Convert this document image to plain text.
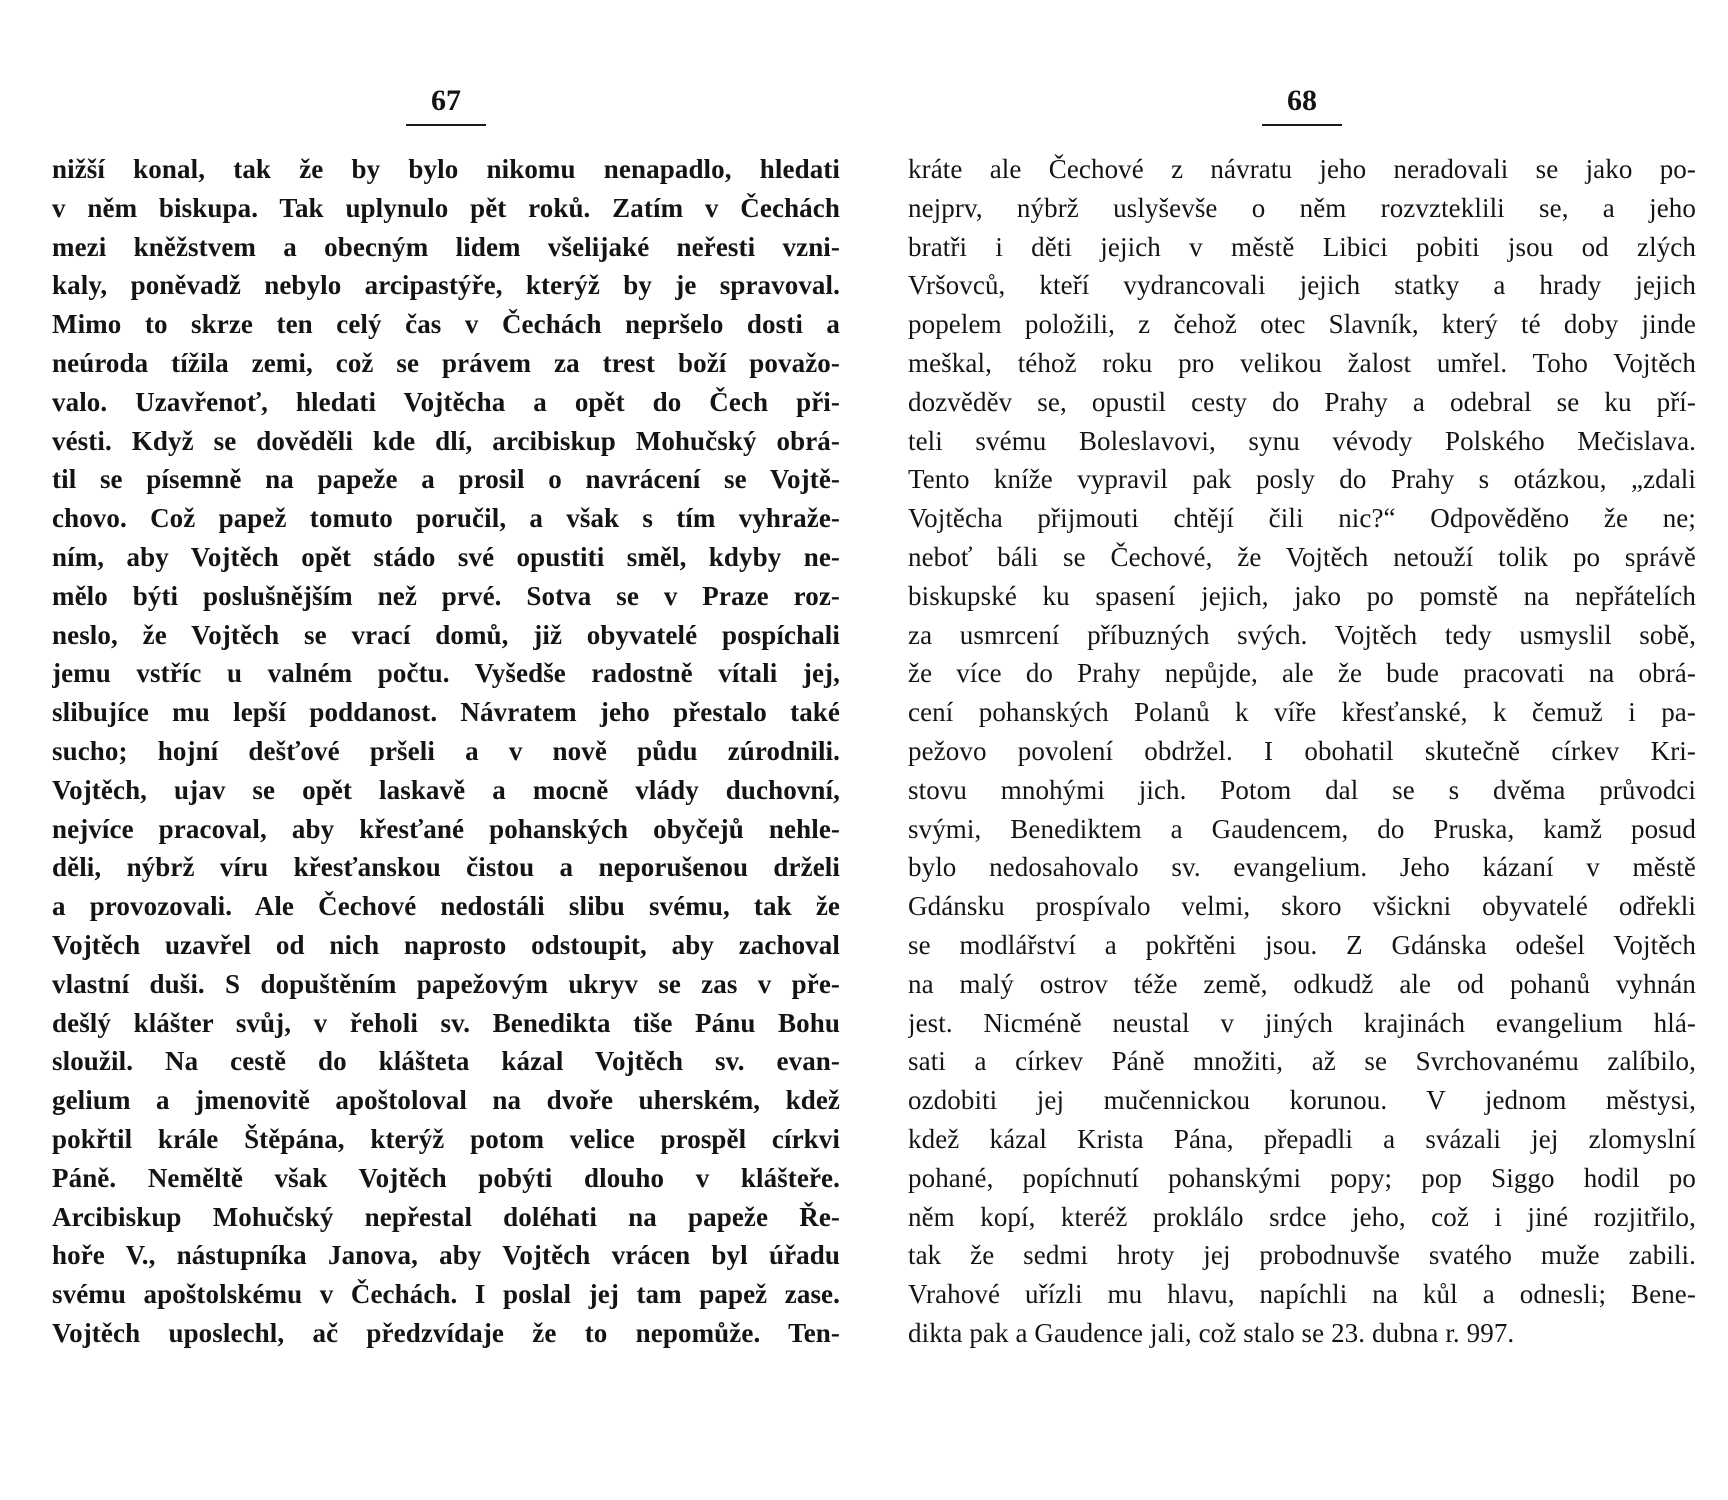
67
nižší konal, tak že by bylo nikomu nenapadlo, hledati
v něm biskupa. Tak uplynulo pět roků. Zatím v Čechách
mezi kněžstvem a obecným lidem všelijaké neřesti vzni-
kaly, poněvadž nebylo arcipastýře, kterýž by je spravoval.
Mimo to skrze ten celý čas v Čechách nepršelo dosti a
neúroda tížila zemi, což se právem za trest boží považo-
valo. Uzavřenoť, hledati Vojtěcha a opět do Čech při-
vésti. Když se dověděli kde dlí, arcibiskup Mohučský obrá-
til se písemně na papeže a prosil o navrácení se Vojtě-
chovo. Což papež tomuto poručil, a však s tím vyhraže-
ním, aby Vojtěch opět stádo své opustiti směl, kdyby ne-
mělo býti poslušnějším než prvé. Sotva se v Praze roz-
neslo, že Vojtěch se vrací domů, již obyvatelé pospíchali
jemu vstříc u valném počtu. Vyšedše radostně vítali jej,
slibujíce mu lepší poddanost. Návratem jeho přestalo také
sucho; hojní dešťové pršeli a v nově půdu zúrodnili.
Vojtěch, ujav se opět laskavě a mocně vlády duchovní,
nejvíce pracoval, aby křesťané pohanských obyčejů nehle-
děli, nýbrž víru křesťanskou čistou a neporušenou drželi
a provozovali. Ale Čechové nedostáli slibu svému, tak že
Vojtěch uzavřel od nich naprosto odstoupit, aby zachoval
vlastní duši. S dopuštěním papežovým ukryv se zas v pře-
dešlý klášter svůj, v řeholi sv. Benedikta tiše Pánu Bohu
sloužil. Na cestě do klášteta kázal Vojtěch sv. evan-
gelium a jmenovitě apoštoloval na dvoře uherském, kdež
pokřtil krále Štěpána, kterýž potom velice prospěl církvi
Páně. Neměltě však Vojtěch pobýti dlouho v klášteře.
Arcibiskup Mohučský nepřestal doléhati na papeže Ře-
hoře V., nástupníka Janova, aby Vojtěch vrácen byl úřadu
svému apoštolskému v Čechách. I poslal jej tam papež zase.
Vojtěch uposlechl, ač předzvídaje že to nepomůže. Ten-
68
kráte ale Čechové z návratu jeho neradovali se jako po-
nejprv, nýbrž uslyševše o něm rozvzteklili se, a jeho
bratři i děti jejich v městě Libici pobiti jsou od zlých
Vršovců, kteří vydrancovali jejich statky a hrady jejich
popelem položili, z čehož otec Slavník, který té doby jinde
meškal, téhož roku pro velikou žalost umřel. Toho Vojtěch
dozvěděv se, opustil cesty do Prahy a odebral se ku pří-
teli svému Boleslavovi, synu vévody Polského Mečislava.
Tento kníže vypravil pak posly do Prahy s otázkou, „zdali
Vojtěcha přijmouti chtějí čili nic?“ Odpověděno že ne;
neboť báli se Čechové, že Vojtěch netouží tolik po správě
biskupské ku spasení jejich, jako po pomstě na nepřátelích
za usmrcení příbuzných svých. Vojtěch tedy usmyslil sobě,
že více do Prahy nepůjde, ale že bude pracovati na obrá-
cení pohanských Polanů k víře křesťanské, k čemuž i pa-
pežovo povolení obdržel. I obohatil skutečně církev Kri-
stovu mnohými jich. Potom dal se s dvěma průvodci
svými, Benediktem a Gaudencem, do Pruska, kamž posud
bylo nedosahovalo sv. evangelium. Jeho kázaní v městě
Gdánsku prospívalo velmi, skoro všickni obyvatelé odřekli
se modlářství a pokřtěni jsou. Z Gdánska odešel Vojtěch
na malý ostrov téže země, odkudž ale od pohanů vyhnán
jest. Nicméně neustal v jiných krajinách evangelium hlá-
sati a církev Páně množiti, až se Svrchovanému zalíbilo,
ozdobiti jej mučennickou korunou. V jednom městysi,
kdež kázal Krista Pána, přepadli a svázali jej zlomyslní
pohané, popíchnutí pohanskými popy; pop Siggo hodil po
něm kopí, kteréž proklálo srdce jeho, což i jiné rozjitřilo,
tak že sedmi hroty jej probodnuvše svatého muže zabili.
Vrahové uřízli mu hlavu, napíchli na kůl a odnesli; Bene-
dikta pak a Gaudence jali, což stalo se 23. dubna r. 997.
